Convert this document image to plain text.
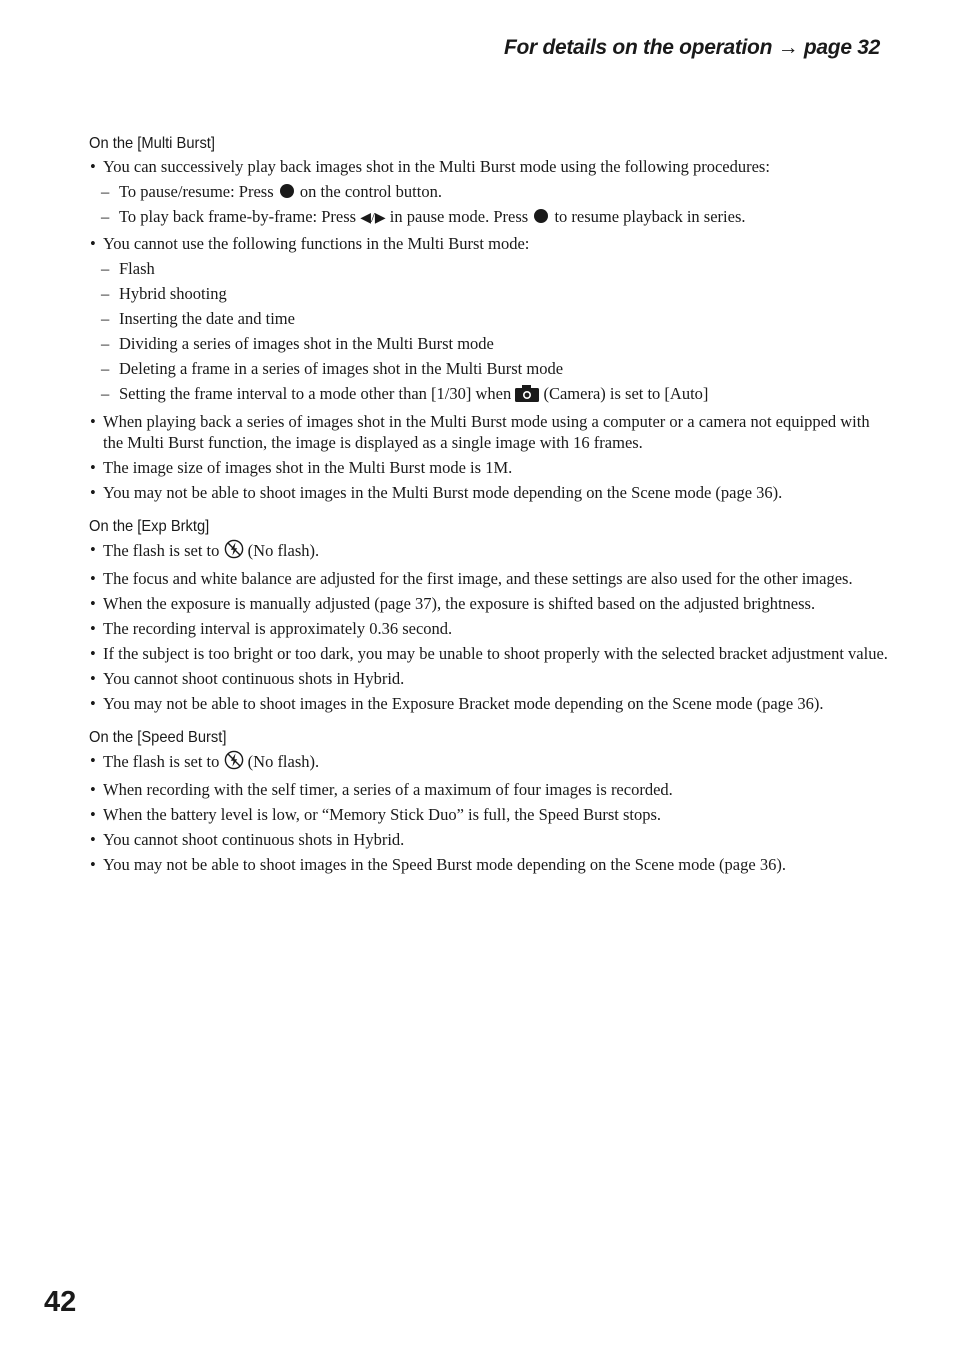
For details on the operation → page 32
On the [Multi Burst]
• You can successively play back images shot in the Multi Burst mode using the following procedures:
– To pause/resume: Press on the control button.
– To play back frame-by-frame: Press ◀/▶ in pause mode. Press to resume playback in series.
• You cannot use the following functions in the Multi Burst mode:
– Flash
– Hybrid shooting
– Inserting the date and time
– Dividing a series of images shot in the Multi Burst mode
– Deleting a frame in a series of images shot in the Multi Burst mode
– Setting the frame interval to a mode other than [1/30] when (Camera) is set to [Auto]
• When playing back a series of images shot in the Multi Burst mode using a computer or a camera not equipped with the Multi Burst function, the image is displayed as a single image with 16 frames.
• The image size of images shot in the Multi Burst mode is 1M.
• You may not be able to shoot images in the Multi Burst mode depending on the Scene mode (page 36).
On the [Exp Brktg]
• The flash is set to (No flash).
• The focus and white balance are adjusted for the first image, and these settings are also used for the other images.
• When the exposure is manually adjusted (page 37), the exposure is shifted based on the adjusted brightness.
• The recording interval is approximately 0.36 second.
• If the subject is too bright or too dark, you may be unable to shoot properly with the selected bracket adjustment value.
• You cannot shoot continuous shots in Hybrid.
• You may not be able to shoot images in the Exposure Bracket mode depending on the Scene mode (page 36).
On the [Speed Burst]
• The flash is set to (No flash).
• When recording with the self timer, a series of a maximum of four images is recorded.
• When the battery level is low, or “Memory Stick Duo” is full, the Speed Burst stops.
• You cannot shoot continuous shots in Hybrid.
• You may not be able to shoot images in the Speed Burst mode depending on the Scene mode (page 36).
42
